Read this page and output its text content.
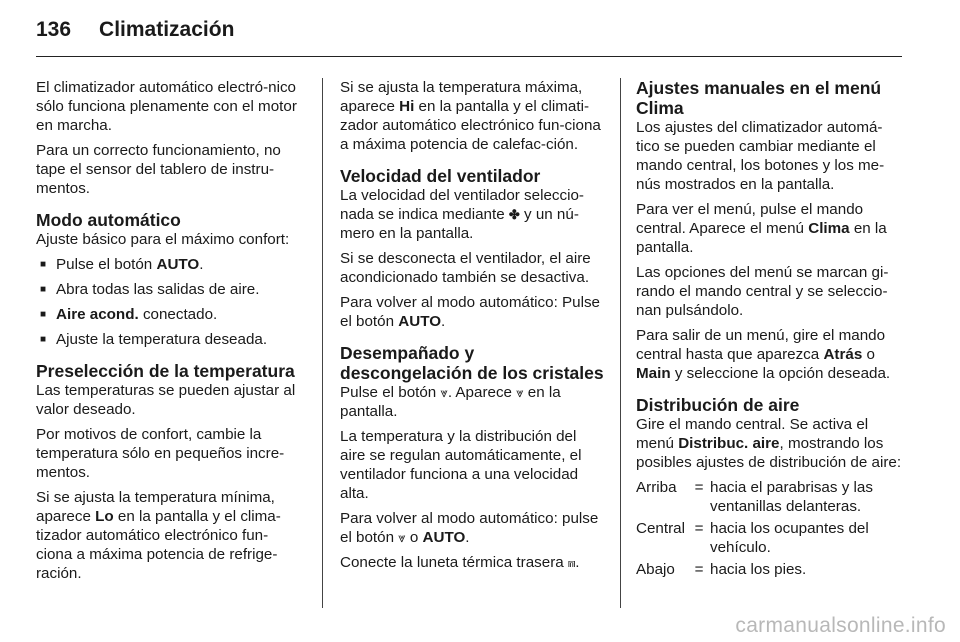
136 Climatización

El climatizador automático electró-nico sólo funciona plenamente con el motor en marcha.

Para un correcto funcionamiento, no tape el sensor del tablero de instru-mentos.

Modo automático

Ajuste básico para el máximo confort:

■ Pulse el botón AUTO.
■ Abra todas las salidas de aire.
■ Aire acond. conectado.
■ Ajuste la temperatura deseada.
Preselección de la temperatura

Las temperaturas se pueden ajustar al valor deseado.

Por motivos de confort, cambie la temperatura sólo en pequeños incre-mentos.

Si se ajusta la temperatura mínima, aparece Lo en la pantalla y el clima-tizador automático electrónico fun-ciona a máxima potencia de refrige-ración.

Si se ajusta la temperatura máxima, aparece Hi en la pantalla y el climati-zador automático electrónico fun-ciona a máxima potencia de calefac-ción.

Velocidad del ventilador

La velocidad del ventilador seleccio-nada se indica mediante ✤ y un nú-mero en la pantalla.

Si se desconecta el ventilador, el aire acondicionado también se desactiva.

Para volver al modo automático: Pulse el botón AUTO.

Desempañado y descongelación de los cristales

Pulse el botón ⩔. Aparece ⩔ en la pantalla.

La temperatura y la distribución del aire se regulan automáticamente, el ventilador funciona a una velocidad alta.

Para volver al modo automático: pulse el botón ⩔ o AUTO.

Conecte la luneta térmica trasera ⩎.

Ajustes manuales en el menú Clima

Los ajustes del climatizador automá-tico se pueden cambiar mediante el mando central, los botones y los me-nús mostrados en la pantalla.

Para ver el menú, pulse el mando central. Aparece el menú Clima en la pantalla.

Las opciones del menú se marcan gi-rando el mando central y se seleccio-nan pulsándolo.

Para salir de un menú, gire el mando central hasta que aparezca Atrás o Main y seleccione la opción deseada.

Distribución de aire

Gire el mando central. Se activa el menú Distribuc. aire, mostrando los posibles ajustes de distribución de aire:

Arriba	=	hacia el parabrisas y las ventanillas delanteras.
Central	=	hacia los ocupantes del vehículo.
Abajo	=	hacia los pies.
carmanualsonline.info
